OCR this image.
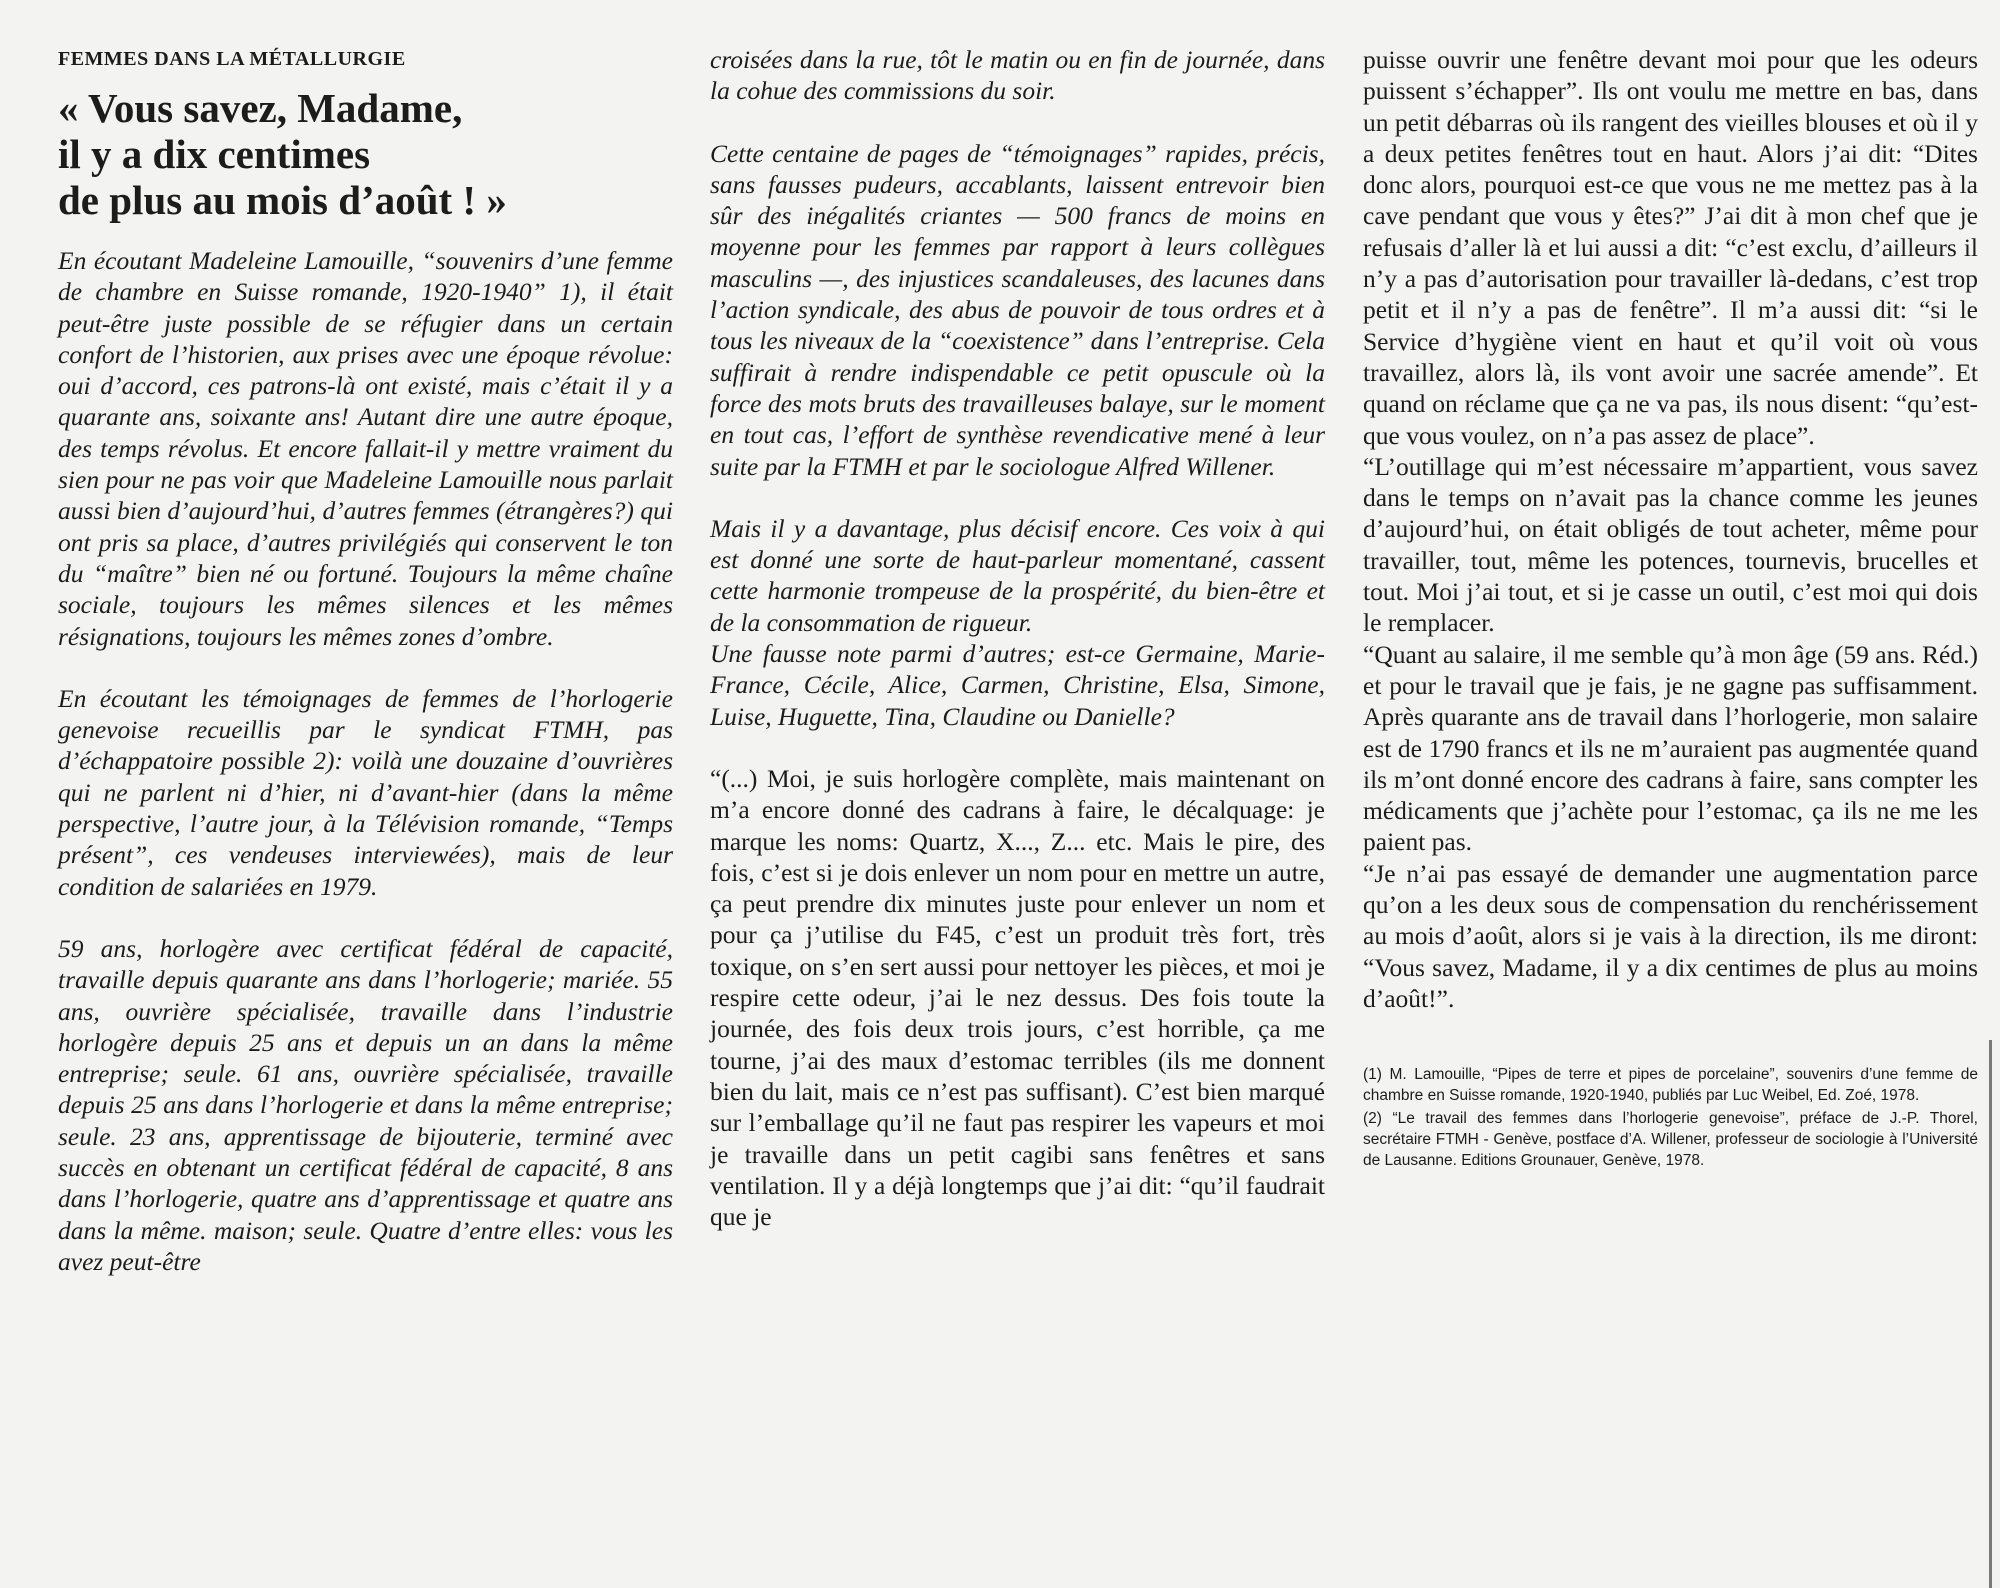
FEMMES DANS LA MÉTALLURGIE
« Vous savez, Madame,
il y a dix centimes
de plus au mois d’août ! »

En écoutant Madeleine Lamouille, “souvenirs d’une femme de chambre en Suisse romande, 1920-1940” 1), il était peut-être juste possible de se réfugier dans un certain confort de l’historien, aux prises avec une époque révolue: oui d’accord, ces patrons-là ont existé, mais c’était il y a quarante ans, soixante ans! Autant dire une autre époque, des temps révolus. Et encore fallait-il y mettre vraiment du sien pour ne pas voir que Madeleine Lamouille nous parlait aussi bien d’aujourd’hui, d’autres femmes (étrangères?) qui ont pris sa place, d’autres privilégiés qui conservent le ton du “maître” bien né ou fortuné. Toujours la même chaîne sociale, toujours les mêmes silences et les mêmes résignations, toujours les mêmes zones d’ombre.

En écoutant les témoignages de femmes de l’horlogerie genevoise recueillis par le syndicat FTMH, pas d’échappatoire possible 2): voilà une douzaine d’ouvrières qui ne parlent ni d’hier, ni d’avant-hier (dans la même perspective, l’autre jour, à la Télévision romande, “Temps présent”, ces vendeuses interviewées), mais de leur condition de salariées en 1979.

59 ans, horlogère avec certificat fédéral de capacité, travaille depuis quarante ans dans l’horlogerie; mariée. 55 ans, ouvrière spécialisée, travaille dans l’industrie horlogère depuis 25 ans et depuis un an dans la même entreprise; seule. 61 ans, ouvrière spécialisée, travaille depuis 25 ans dans l’horlogerie et dans la même entreprise; seule. 23 ans, apprentissage de bijouterie, terminé avec succès en obtenant un certificat fédéral de capacité, 8 ans dans l’horlogerie, quatre ans d’apprentissage et quatre ans dans la même. maison; seule. Quatre d’entre elles: vous les avez peut-être

croisées dans la rue, tôt le matin ou en fin de journée, dans la cohue des commissions du soir.

Cette centaine de pages de “témoignages” rapides, précis, sans fausses pudeurs, accablants, laissent entrevoir bien sûr des inégalités criantes — 500 francs de moins en moyenne pour les femmes par rapport à leurs collègues masculins —, des injustices scandaleuses, des lacunes dans l’action syndicale, des abus de pouvoir de tous ordres et à tous les niveaux de la “coexistence” dans l’entreprise. Cela suffirait à rendre indispendable ce petit opuscule où la force des mots bruts des travailleuses balaye, sur le moment en tout cas, l’effort de synthèse revendicative mené à leur suite par la FTMH et par le sociologue Alfred Willener.

Mais il y a davantage, plus décisif encore. Ces voix à qui est donné une sorte de haut-parleur momentané, cassent cette harmonie trompeuse de la prospérité, du bien-être et de la consommation de rigueur.

Une fausse note parmi d’autres; est-ce Germaine, Marie-France, Cécile, Alice, Carmen, Christine, Elsa, Simone, Luise, Huguette, Tina, Claudine ou Danielle?

“(...) Moi, je suis horlogère complète, mais maintenant on m’a encore donné des cadrans à faire, le décalquage: je marque les noms: Quartz, X..., Z... etc. Mais le pire, des fois, c’est si je dois enlever un nom pour en mettre un autre, ça peut prendre dix minutes juste pour enlever un nom et pour ça j’utilise du F45, c’est un produit très fort, très toxique, on s’en sert aussi pour nettoyer les pièces, et moi je respire cette odeur, j’ai le nez dessus. Des fois toute la journée, des fois deux trois jours, c’est horrible, ça me tourne, j’ai des maux d’estomac terribles (ils me donnent bien du lait, mais ce n’est pas suffisant). C’est bien marqué sur l’emballage qu’il ne faut pas respirer les vapeurs et moi je travaille dans un petit cagibi sans fenêtres et sans ventilation. Il y a déjà longtemps que j’ai dit: “qu’il faudrait que je

puisse ouvrir une fenêtre devant moi pour que les odeurs puissent s’échapper”. Ils ont voulu me mettre en bas, dans un petit débarras où ils rangent des vieilles blouses et où il y a deux petites fenêtres tout en haut. Alors j’ai dit: “Dites donc alors, pourquoi est-ce que vous ne me mettez pas à la cave pendant que vous y êtes?” J’ai dit à mon chef que je refusais d’aller là et lui aussi a dit: “c’est exclu, d’ailleurs il n’y a pas d’autorisation pour travailler là-dedans, c’est trop petit et il n’y a pas de fenêtre”. Il m’a aussi dit: “si le Service d’hygiène vient en haut et qu’il voit où vous travaillez, alors là, ils vont avoir une sacrée amende”. Et quand on réclame que ça ne va pas, ils nous disent: “qu’est-que vous voulez, on n’a pas assez de place”.

“L’outillage qui m’est nécessaire m’appartient, vous savez dans le temps on n’avait pas la chance comme les jeunes d’aujourd’hui, on était obligés de tout acheter, même pour travailler, tout, même les potences, tournevis, brucelles et tout. Moi j’ai tout, et si je casse un outil, c’est moi qui dois le remplacer.

“Quant au salaire, il me semble qu’à mon âge (59 ans. Réd.) et pour le travail que je fais, je ne gagne pas suffisamment. Après quarante ans de travail dans l’horlogerie, mon salaire est de 1790 francs et ils ne m’auraient pas augmentée quand ils m’ont donné encore des cadrans à faire, sans compter les médicaments que j’achète pour l’estomac, ça ils ne me les paient pas.

“Je n’ai pas essayé de demander une augmentation parce qu’on a les deux sous de compensation du renchérissement au mois d’août, alors si je vais à la direction, ils me diront: “Vous savez, Madame, il y a dix centimes de plus au moins d’août!”.

(1) M. Lamouille, “Pipes de terre et pipes de porcelaine”, souvenirs d’une femme de chambre en Suisse romande, 1920-1940, publiés par Luc Weibel, Ed. Zoé, 1978.

(2) “Le travail des femmes dans l’horlogerie genevoise”, préface de J.-P. Thorel, secrétaire FTMH - Genève, postface d’A. Willener, professeur de sociologie à l’Université de Lausanne. Editions Grounauer, Genève, 1978.
